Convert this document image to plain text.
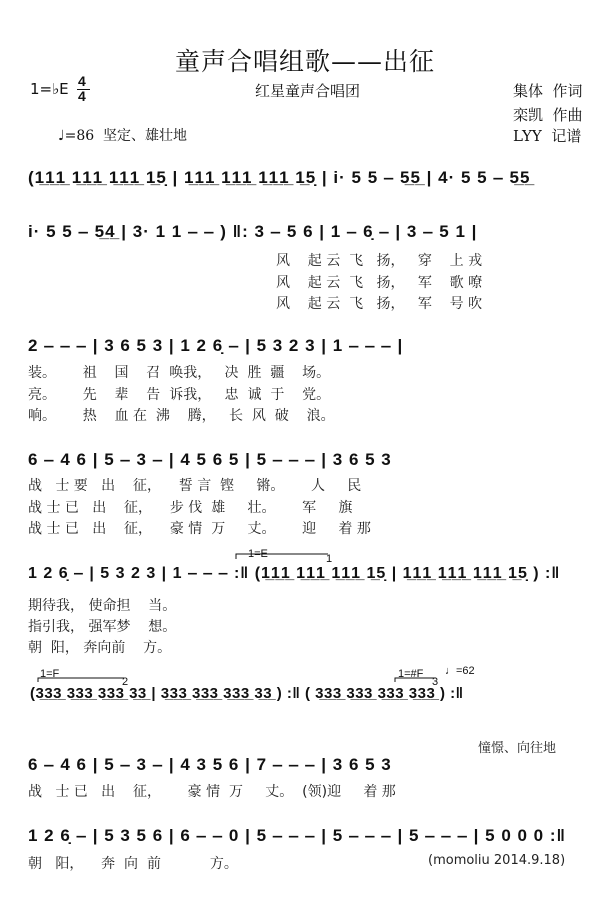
童声合唱组歌——出征
1=♭E 4
4	红星童声合唱团	集体  作词
栾凯  作曲
LYY  记谱
♩=86  坚定、雄壮地
(1̲1̲1̲ 1̲1̲1̲ 1̲1̲1̲ 1̲5̣ | 1̲1̲1̲ 1̲1̲1̲ 1̲1̲1̲ 1̲5̣ | i· 5 5 ‒ 5̲5̲ | 4· 5 5 ‒ 5̲5̲
i· 5 5 ‒ 5̲4̲ | 3· 1 1 ‒ ‒ ) ‖: 3 ‒ 5 6 | 1 ‒ 6̣ ‒ | 3 ‒ 5 1 |
风    起 云  飞   扬，   穿    上 戎
风    起 云  飞   扬，   军    歌 嘹
风    起 云  飞   扬，   军    号 吹
2 ‒ ‒ ‒ | 3 6 5 3 | 1 2 6̣ ‒ | 5 3 2 3 | 1 ‒ ‒ ‒ |
装。      祖    国    召  唤我，   决  胜  疆    场。
亮。      先    辈    告  诉我，   忠  诚  于    党。
响。      热    血 在  沸    腾，   长  风  破    浪。
6 ‒ 4 6 | 5 ‒ 3 ‒ | 4 5 6 5 | 5 ‒ ‒ ‒ | 3 6 5 3
战   士 要   出    征，    誓 言  铿     锵。      人     民
战 士 已   出    征，    步 伐  雄     壮。      军     旗
战 士 已   出    征，    豪 情  万     丈。      迎     着 那
1=E	1
1 2 6̣ ‒ | 5 3 2 3 | 1 ‒ ‒ ‒ :‖ (1̲1̲1̲ 1̲1̲1̲ 1̲1̲1̲ 1̲5̣ | 1̲1̲1̲ 1̲1̲1̲ 1̲1̲1̲ 1̲5̣ ) :‖
期待我， 使命担    当。
指引我， 强军梦    想。
朝  阳， 奔向前    方。
1=F
2
1=#F
3
♩=62
(3̲3̲3̲ 3̲3̲3̲ 3̲3̲3̲ 3̲3̲ | 3̲3̲3̲ 3̲3̲3̲ 3̲3̲3̲ 3̲3̲ ) :‖ ( 3̲3̲3̲ 3̲3̲3̲ 3̲3̲3̲ 3̲3̲3̲ ) :‖
憧憬、向往地
6 ‒ 4 6 | 5 ‒ 3 ‒ | 4 3 5 6 | 7 ‒ ‒ ‒ | 3 6 5 3
战   士 已   出    征，      豪 情  万     丈。  (领)迎     着 那
1 2 6̣ ‒ | 5 3 5 6 | 6 ‒ ‒ 0 | 5 ‒ ‒ ‒ | 5 ‒ ‒ ‒ | 5 ‒ ‒ ‒ | 5 0 0 0 :‖
朝   阳，    奔  向  前           方。	(momoliu 2014.9.18)
